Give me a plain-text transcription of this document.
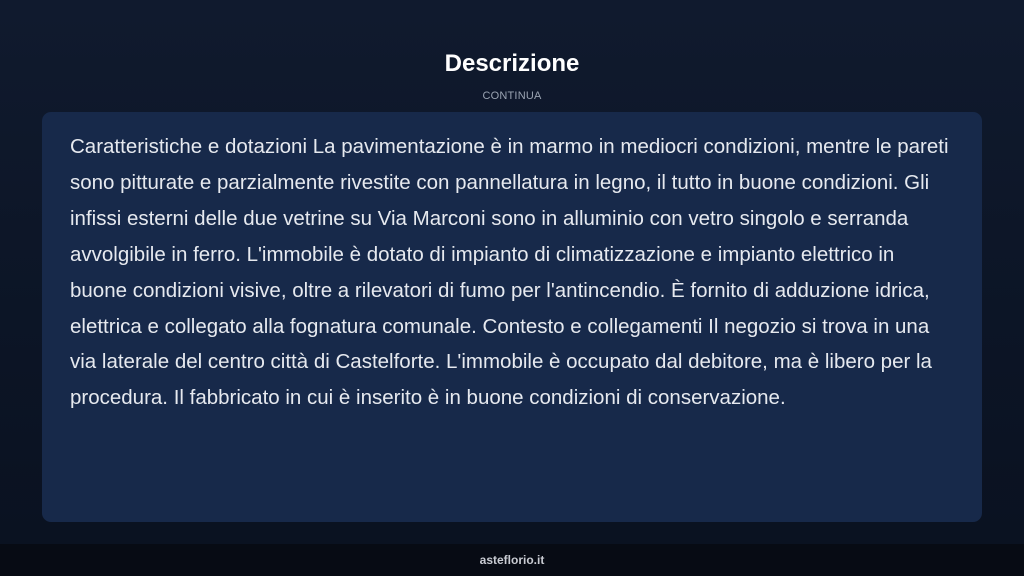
Descrizione
CONTINUA

Caratteristiche e dotazioni La pavimentazione è in marmo in mediocri condizioni, mentre le pareti sono pitturate e parzialmente rivestite con pannellatura in legno, il tutto in buone condizioni. Gli infissi esterni delle due vetrine su Via Marconi sono in alluminio con vetro singolo e serranda avvolgibile in ferro. L'immobile è dotato di impianto di climatizzazione e impianto elettrico in buone condizioni visive, oltre a rilevatori di fumo per l'antincendio. È fornito di adduzione idrica, elettrica e collegato alla fognatura comunale. Contesto e collegamenti Il negozio si trova in una via laterale del centro città di Castelforte. L'immobile è occupato dal debitore, ma è libero per la procedura. Il fabbricato in cui è inserito è in buone condizioni di conservazione.

asteflorio.it
